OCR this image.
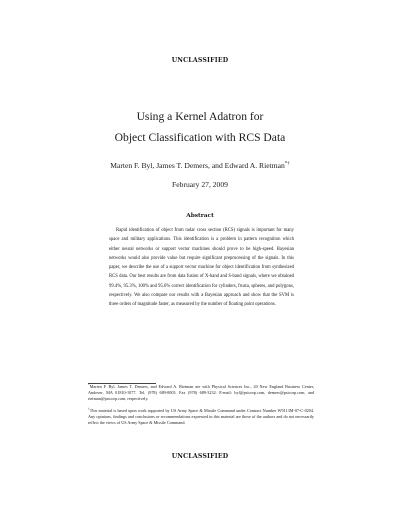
UNCLASSIFIED
Using a Kernel Adatron for
Object Classification with RCS Data
Marten F. Byl, James T. Demers, and Edward A. Rietman*†
February 27, 2009
Abstract

Rapid identification of object from radar cross section (RCS) signals is important for many space and military applications. This identification is a problem in pattern recognition which either neural networks or support vector machines should prove to be high-speed. Bayesian networks would also provide value but require significant preprocessing of the signals. In this paper, we describe the use of a support vector machine for object identification from synthesized RCS data. Our best results are from data fusion of X-band and S-band signals, where we obtained 99.4%, 95.3%, 100% and 95.6% correct identification for cylinders, frusta, spheres, and polygons, respectively. We also compare our results with a Bayesian approach and show that the SVM is three orders of magnitude faster, as measured by the number of floating point operations.

*Marten F. Byl, James T. Demers, and Edward A. Rietman are with Physical Sciences Inc., 20 New England Business Center, Andover, MA 01810-1077. Tel. (978) 689-0003. Fax (978) 689-3232. E-mail: byl@psicorp.com, demers@psicorp.com, and rietman@psicorp.com, respectively.

†This material is based upon work supported by US Army Space & Missile Command under Contract Number W9113M-07-C-0204. Any opinions, findings and conclusions or recommendations expressed in this material are those of the authors and do not necessarily reflect the views of US Army Space & Missile Command.

UNCLASSIFIED
